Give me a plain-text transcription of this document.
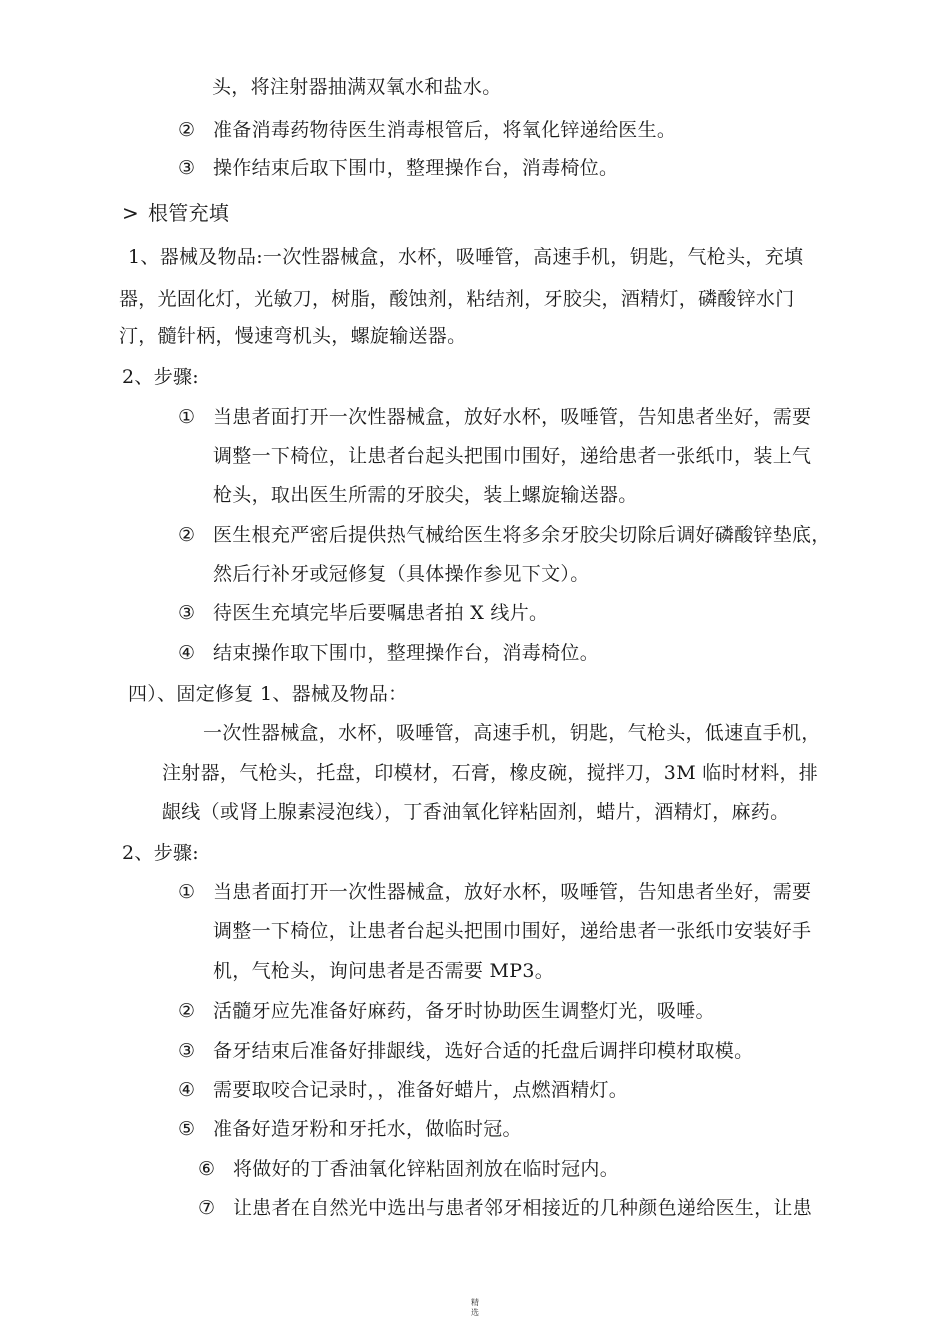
头，将注射器抽满双氧水和盐水。

② 准备消毒药物待医生消毒根管后，将氧化锌递给医生。

③ 操作结束后取下围巾，整理操作台，消毒椅位。

> 根管充填

1、器械及物品:一次性器械盒，水杯，吸唾管，高速手机，钥匙，气枪头，充填

器，光固化灯，光敏刀，树脂，酸蚀剂，粘结剂，牙胶尖，酒精灯，磷酸锌水门

汀，髓针柄，慢速弯机头，螺旋输送器。

2、步骤:

① 当患者面打开一次性器械盒，放好水杯，吸唾管，告知患者坐好，需要

调整一下椅位，让患者台起头把围巾围好，递给患者一张纸巾，装上气

枪头，取出医生所需的牙胶尖，装上螺旋输送器。

② 医生根充严密后提供热气械给医生将多余牙胶尖切除后调好磷酸锌垫底，

然后行补牙或冠修复（具体操作参见下文）。

③ 待医生充填完毕后要嘱患者拍 X 线片。

④ 结束操作取下围巾，整理操作台，消毒椅位。

四）、固定修复 1、器械及物品：

一次性器械盒，水杯，吸唾管，高速手机，钥匙，气枪头，低速直手机，

注射器，气枪头，托盘，印模材，石膏，橡皮碗，搅拌刀，3M 临时材料，排

龈线（或肾上腺素浸泡线），丁香油氧化锌粘固剂，蜡片，酒精灯，麻药。

2、步骤:

① 当患者面打开一次性器械盒，放好水杯，吸唾管，告知患者坐好，需要

调整一下椅位，让患者台起头把围巾围好，递给患者一张纸巾安装好手

机，气枪头，询问患者是否需要 MP3。

② 活髓牙应先准备好麻药，备牙时协助医生调整灯光，吸唾。

③ 备牙结束后准备好排龈线，选好合适的托盘后调拌印模材取模。

④ 需要取咬合记录时，，准备好蜡片，点燃酒精灯。

⑤ 准备好造牙粉和牙托水，做临时冠。

⑥ 将做好的丁香油氧化锌粘固剂放在临时冠内。

⑦ 让患者在自然光中选出与患者邻牙相接近的几种颜色递给医生，让患

精
选
